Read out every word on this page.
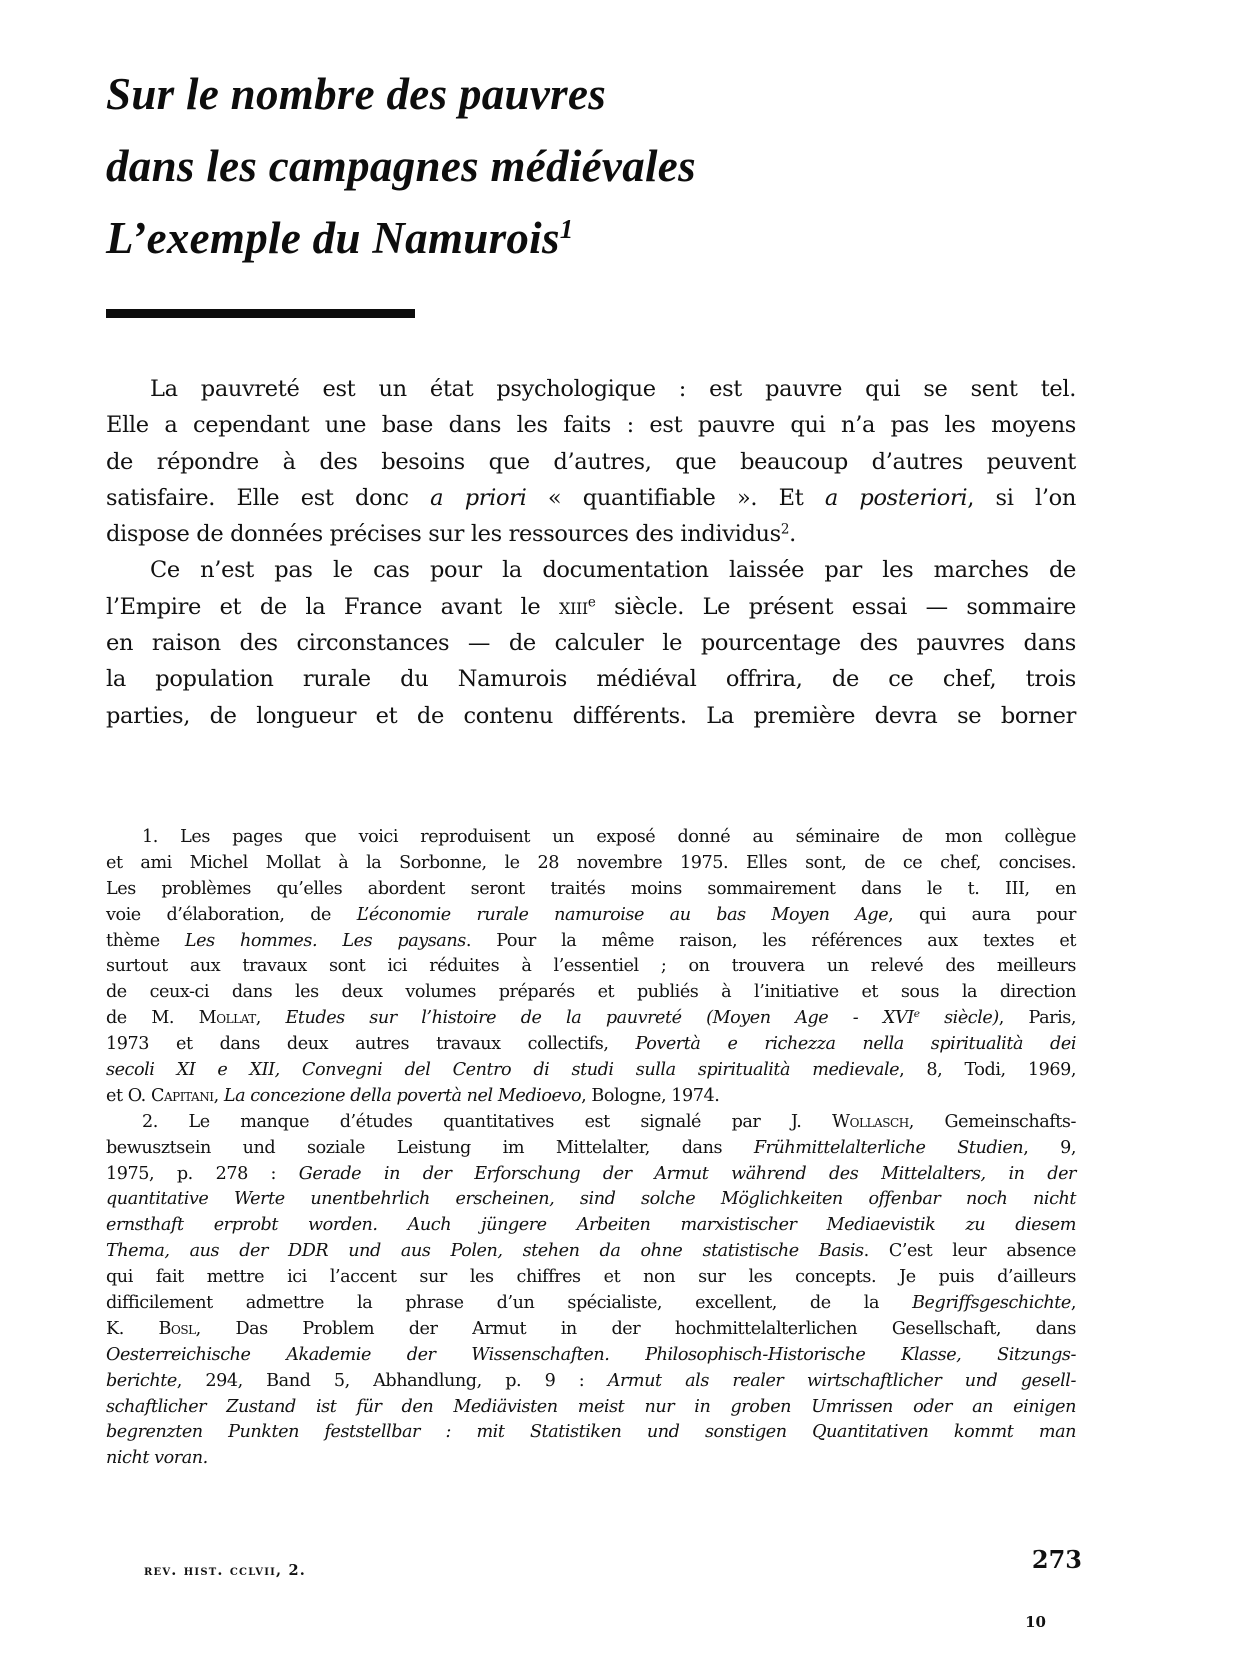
Sur le nombre des pauvres
dans les campagnes médiévales
L’exemple du Namurois$^1$
La pauvreté est un état psychologique : est pauvre qui se sent tel.
Elle a cependant une base dans les faits : est pauvre qui n’a pas les moyens
de répondre à des besoins que d’autres, que beaucoup d’autres peuvent
satisfaire. Elle est donc a priori « quantifiable ». Et a posteriori, si l’on
dispose de données précises sur les ressources des individus$^2$.
Ce n’est pas le cas pour la documentation laissée par les marches de
l’Empire et de la France avant le xiii$^e$ siècle. Le présent essai — sommaire
en raison des circonstances — de calculer le pourcentage des pauvres dans
la population rurale du Namurois médiéval offrira, de ce chef, trois
parties, de longueur et de contenu différents. La première devra se borner
1. Les pages que voici reproduisent un exposé donné au séminaire de mon collègue
et ami Michel Mollat à la Sorbonne, le 28 novembre 1975. Elles sont, de ce chef, concises.
Les problèmes qu’elles abordent seront traités moins sommairement dans le t. III, en
voie d’élaboration, de L’économie rurale namuroise au bas Moyen Age, qui aura pour
thème Les hommes. Les paysans. Pour la même raison, les références aux textes et
surtout aux travaux sont ici réduites à l’essentiel ; on trouvera un relevé des meilleurs
de ceux-ci dans les deux volumes préparés et publiés à l’initiative et sous la direction
de M. Mollat, Etudes sur l’histoire de la pauvreté (Moyen Age - XVIe siècle), Paris,
1973 et dans deux autres travaux collectifs, Povertà e richezza nella spiritualità dei
secoli XI e XII, Convegni del Centro di studi sulla spiritualità medievale, 8, Todi, 1969,
et O. Capitani, La concezione della povertà nel Medioevo, Bologne, 1974.
2. Le manque d’études quantitatives est signalé par J. Wollasch, Gemeinschafts-
bewusztsein und soziale Leistung im Mittelalter, dans Frühmittelalterliche Studien, 9,
1975, p. 278 : Gerade in der Erforschung der Armut während des Mittelalters, in der
quantitative Werte unentbehrlich erscheinen, sind solche Möglichkeiten offenbar noch nicht
ernsthaft erprobt worden. Auch jüngere Arbeiten marxistischer Mediaevistik zu diesem
Thema, aus der DDR und aus Polen, stehen da ohne statistische Basis. C’est leur absence
qui fait mettre ici l’accent sur les chiffres et non sur les concepts. Je puis d’ailleurs
difficilement admettre la phrase d’un spécialiste, excellent, de la Begriffsgeschichte,
K. Bosl, Das Problem der Armut in der hochmittelalterlichen Gesellschaft, dans
Oesterreichische Akademie der Wissenschaften. Philosophisch-Historische Klasse, Sitzungs-
berichte, 294, Band 5, Abhandlung, p. 9 : Armut als realer wirtschaftlicher und gesell-
schaftlicher Zustand ist für den Mediävisten meist nur in groben Umrissen oder an einigen
begrenzten Punkten feststellbar : mit Statistiken und sonstigen Quantitativen kommt man
nicht voran.
rev. hist. cclvii, 2.	273
10
